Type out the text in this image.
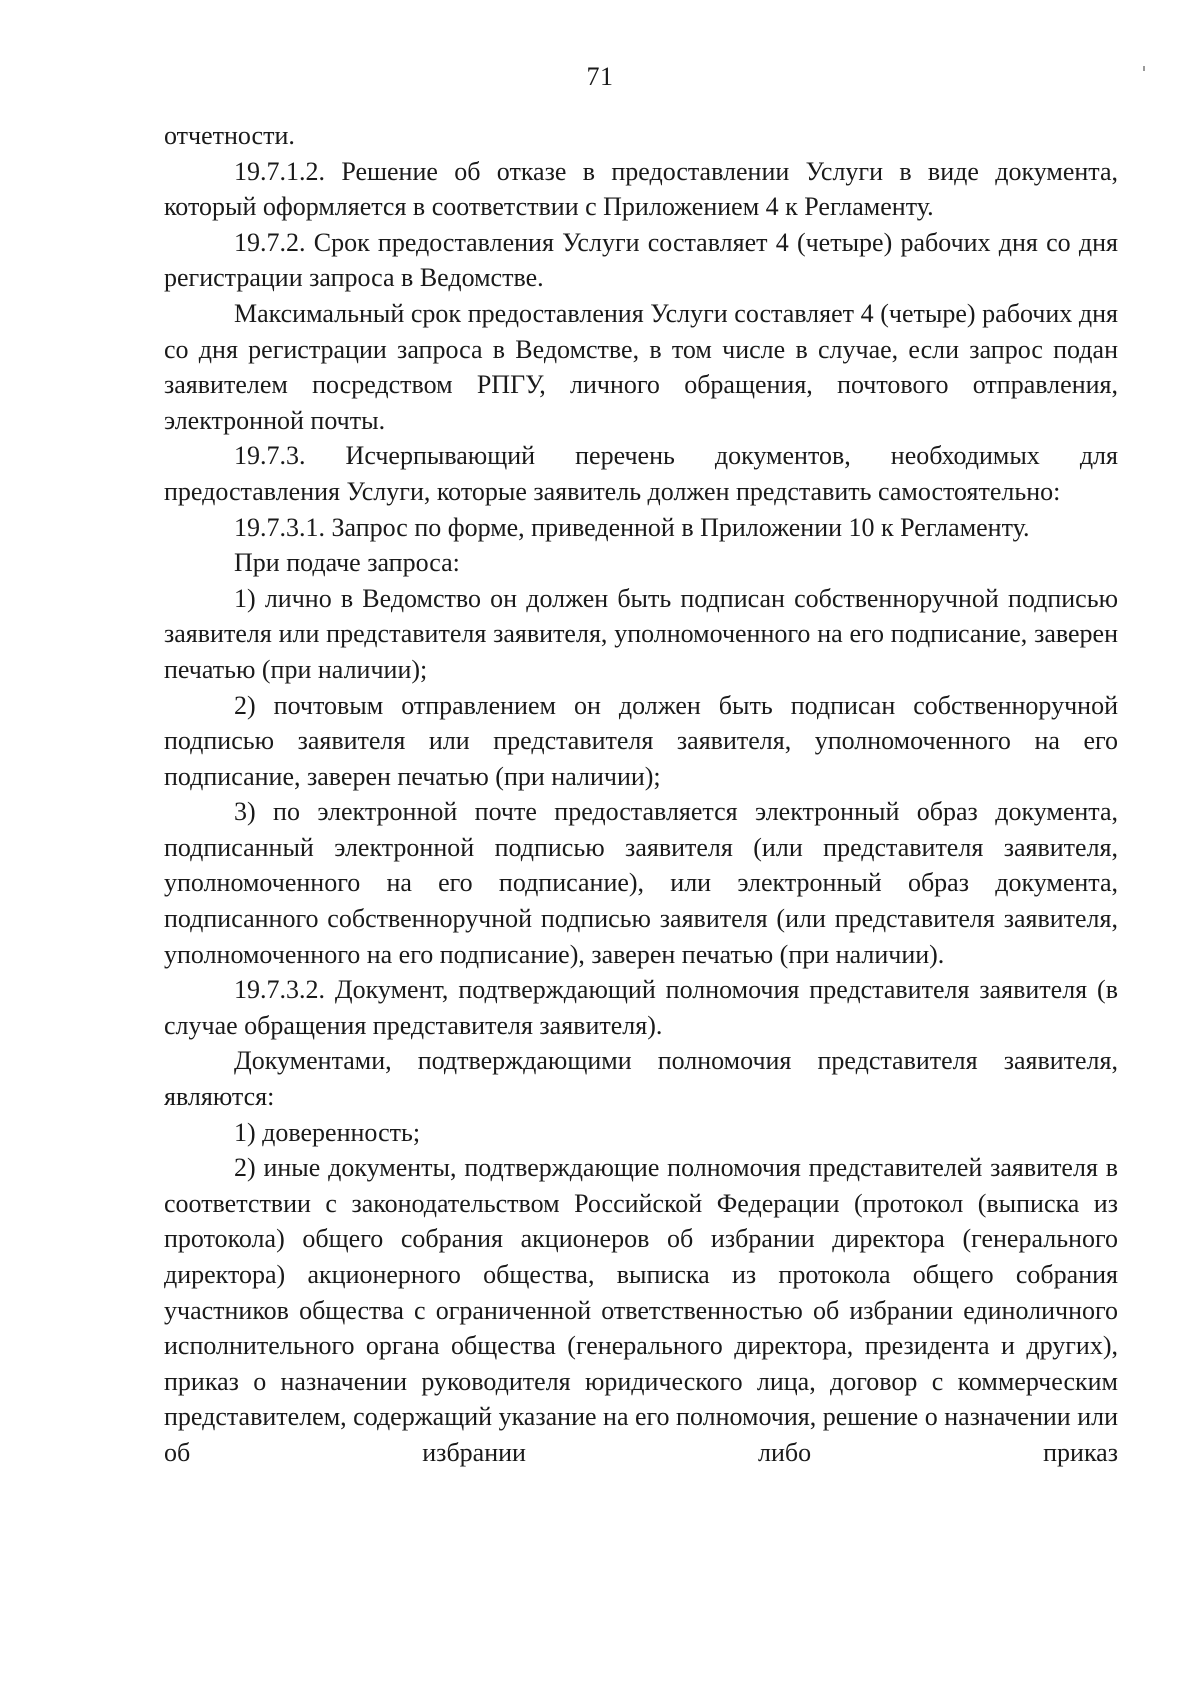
71

отчетности.

19.7.1.2. Решение об отказе в предоставлении Услуги в виде документа, который оформляется в соответствии с Приложением 4 к Регламенту.

19.7.2. Срок предоставления Услуги составляет 4 (четыре) рабочих дня со дня регистрации запроса в Ведомстве.

Максимальный срок предоставления Услуги составляет 4 (четыре) рабочих дня со дня регистрации запроса в Ведомстве, в том числе в случае, если запрос подан заявителем посредством РПГУ, личного обращения, почтового отправления, электронной почты.

19.7.3. Исчерпывающий перечень документов, необходимых для предоставления Услуги, которые заявитель должен представить самостоятельно:

19.7.3.1. Запрос по форме, приведенной в Приложении 10 к Регламенту.

При подаче запроса:

1) лично в Ведомство он должен быть подписан собственноручной подписью заявителя или представителя заявителя, уполномоченного на его подписание, заверен печатью (при наличии);

2) почтовым отправлением он должен быть подписан собственноручной подписью заявителя или представителя заявителя, уполномоченного на его подписание, заверен печатью (при наличии);

3) по электронной почте предоставляется электронный образ документа, подписанный электронной подписью заявителя (или представителя заявителя, уполномоченного на его подписание), или электронный образ документа, подписанного собственноручной подписью заявителя (или представителя заявителя, уполномоченного на его подписание), заверен печатью (при наличии).

19.7.3.2. Документ, подтверждающий полномочия представителя заявителя (в случае обращения представителя заявителя).

Документами, подтверждающими полномочия представителя заявителя, являются:

1) доверенность;

2) иные документы, подтверждающие полномочия представителей заявителя в соответствии с законодательством Российской Федерации (протокол (выписка из протокола) общего собрания акционеров об избрании директора (генерального директора) акционерного общества, выписка из протокола общего собрания участников общества с ограниченной ответственностью об избрании единоличного исполнительного органа общества (генерального директора, президента и других), приказ о назначении руководителя юридического лица, договор с коммерческим представителем, содержащий указание на его полномочия, решение о назначении или об избрании либо приказ
